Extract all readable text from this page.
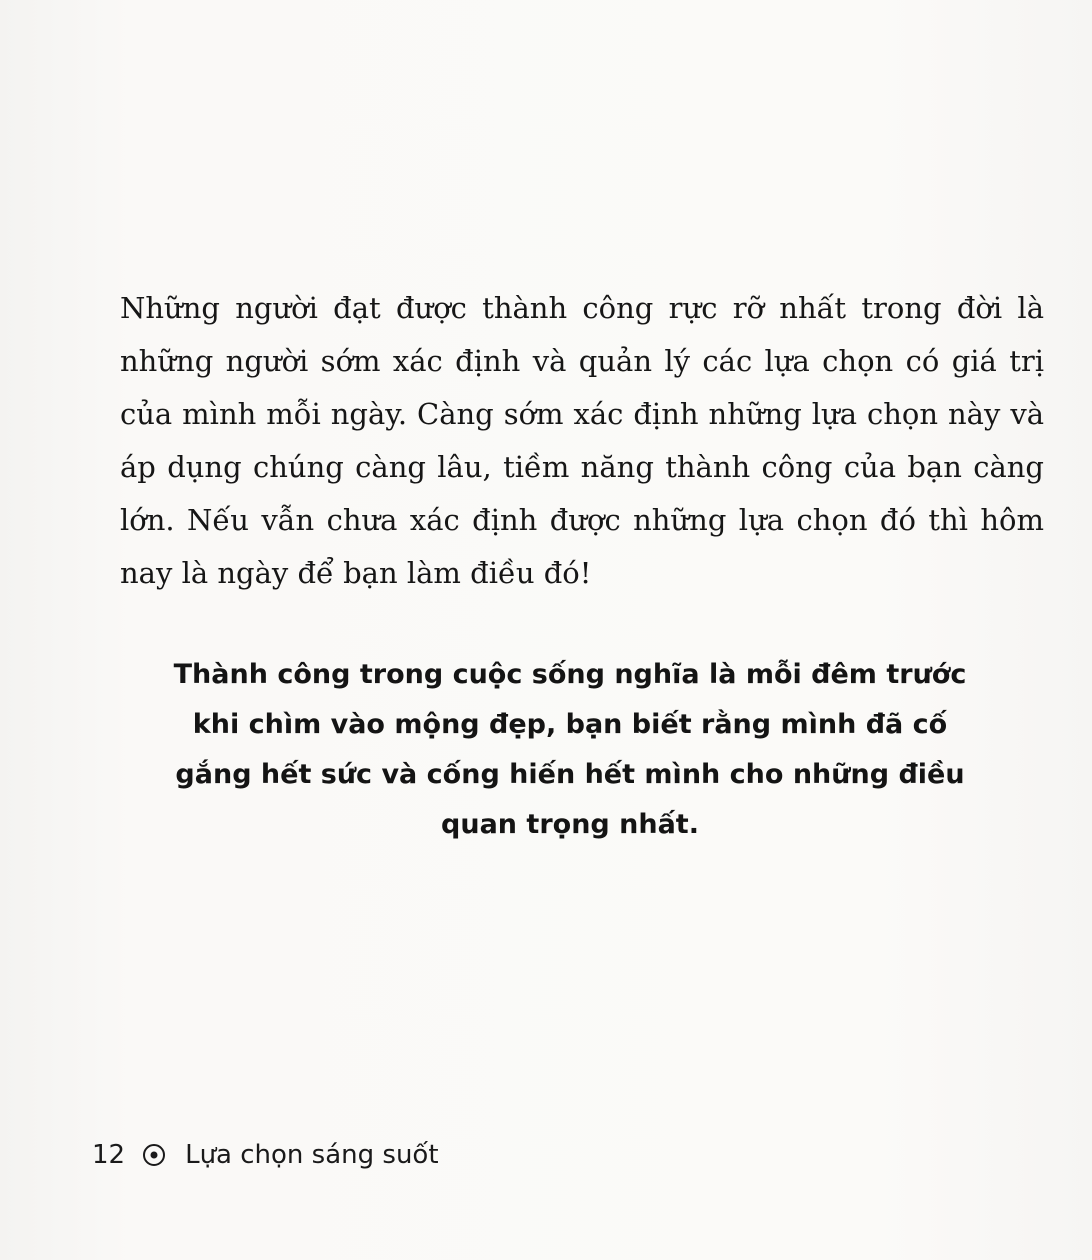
Những người đạt được thành công rực rỡ nhất trong đời là những người sớm xác định và quản lý các lựa chọn có giá trị của mình mỗi ngày. Càng sớm xác định những lựa chọn này và áp dụng chúng càng lâu, tiềm năng thành công của bạn càng lớn. Nếu vẫn chưa xác định được những lựa chọn đó thì hôm nay là ngày để bạn làm điều đó!

Thành công trong cuộc sống nghĩa là mỗi đêm trước
khi chìm vào mộng đẹp, bạn biết rằng mình đã cố
gắng hết sức và cống hiến hết mình cho những điều
quan trọng nhất.
12 Lựa chọn sáng suốt
